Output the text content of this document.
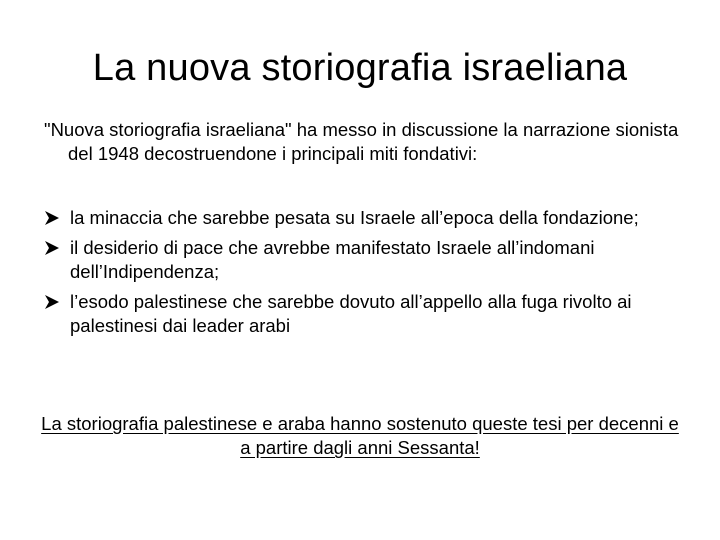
La nuova storiografia israeliana
"Nuova storiografia israeliana" ha messo in discussione la narrazione sionista del 1948 decostruendone i principali miti fondativi:
la minaccia che sarebbe pesata su Israele all’epoca della fondazione;
il desiderio di pace che avrebbe manifestato Israele all’indomani dell’Indipendenza;
l’esodo palestinese che sarebbe dovuto all’appello alla fuga rivolto ai palestinesi dai leader arabi
La storiografia palestinese e araba hanno sostenuto queste tesi per decenni e a partire dagli anni Sessanta!
